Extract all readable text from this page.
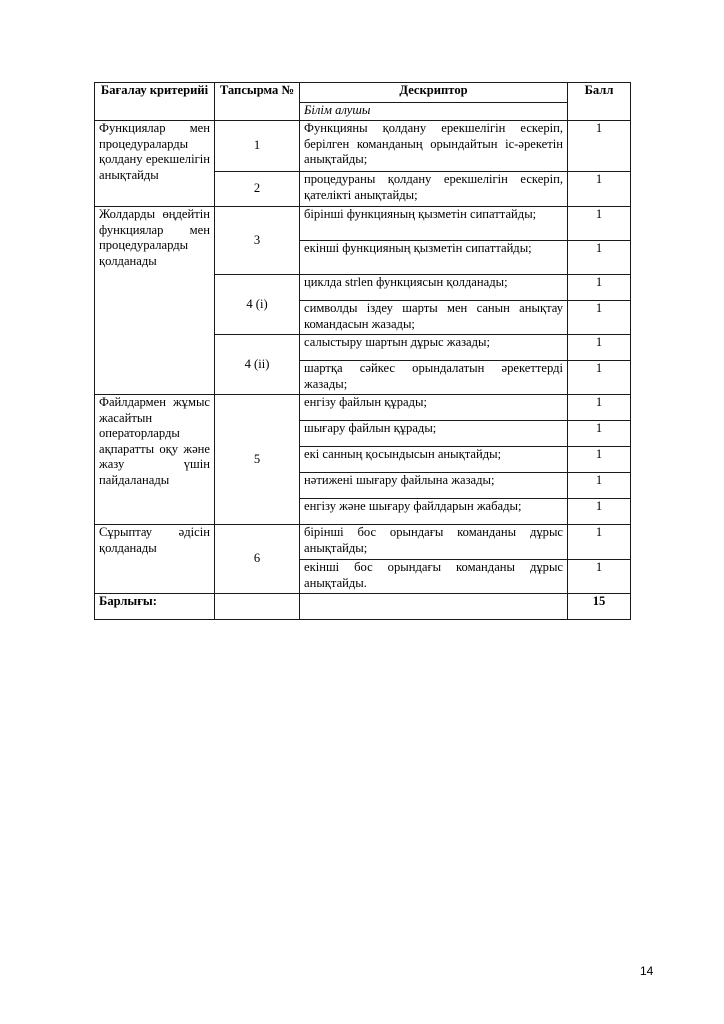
Бағалау критерийі	Тапсырма №	Дескриптор	Балл
		Білім алушы	
Функциялар мен процедураларды қолдану ерекшелігін анықтайды	1	Функцияны қолдану ерекшелігін ескеріп, берілген команданың орындайтын іс-әрекетін анықтайды;	1
	2	процедураны қолдану ерекшелігін ескеріп, қателікті анықтайды;	1
Жолдарды өңдейтін функциялар мен процедураларды қолданады	3	бірінші функцияның қызметін сипаттайды;	1
		екінші функцияның қызметін сипаттайды;	1
	4 (i)	циклда strlen функциясын қолданады;	1
		символды іздеу шарты мен санын анықтау командасын жазады;	1
	4 (ii)	салыстыру шартын дұрыс жазады;	1
		шартқа сәйкес орындалатын әрекеттерді жазады;	1
Файлдармен жұмыс жасайтын операторларды ақпаратты оқу және жазу үшін пайдаланады	5	енгізу файлын құрады;	1
		шығару файлын құрады;	1
		екі санның қосындысын анықтайды;	1
		нәтижені шығару файлына жазады;	1
		енгізу және шығару файлдарын жабады;	1
Сұрыптау әдісін қолданады	6	бірінші бос орындағы команданы дұрыс анықтайды;	1
		екінші бос орындағы команданы дұрыс анықтайды.	1
Барлығы:			15
14
